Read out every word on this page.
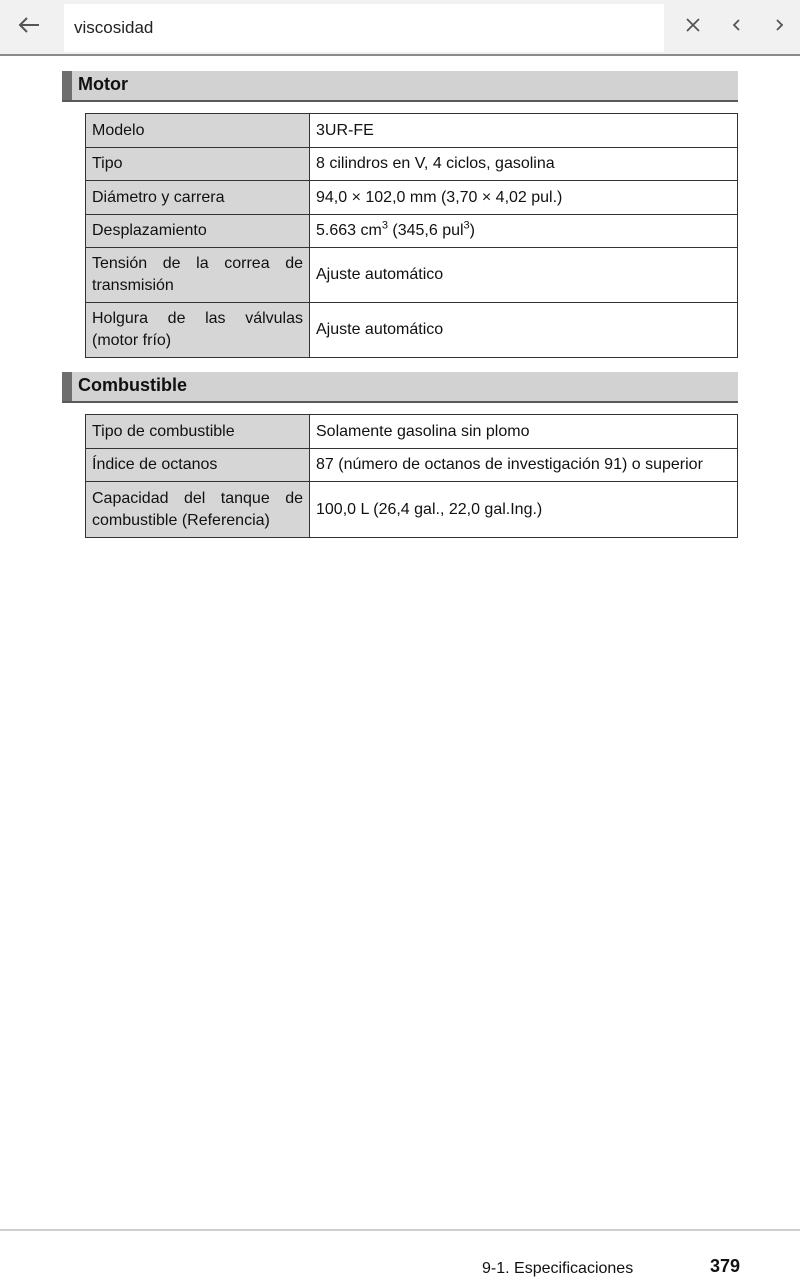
viscosidad
Motor
Modelo	3UR-FE
Tipo	8 cilindros en V, 4 ciclos, gasolina
Diámetro y carrera	94,0 × 102,0 mm (3,70 × 4,02 pul.)
Desplazamiento	5.663 $cm^3$ (345,6 pul$^3$)
Tensión de la correa de transmisión	Ajuste automático
Holgura de las válvulas (motor frío)	Ajuste automático
Combustible
Tipo de combustible	Solamente gasolina sin plomo
Índice de octanos	87 (número de octanos de investigación 91) o superior
Capacidad del tanque de combustible (Referencia)	100,0 L (26,4 gal., 22,0 gal.Ing.)
9-1. Especificaciones	379
